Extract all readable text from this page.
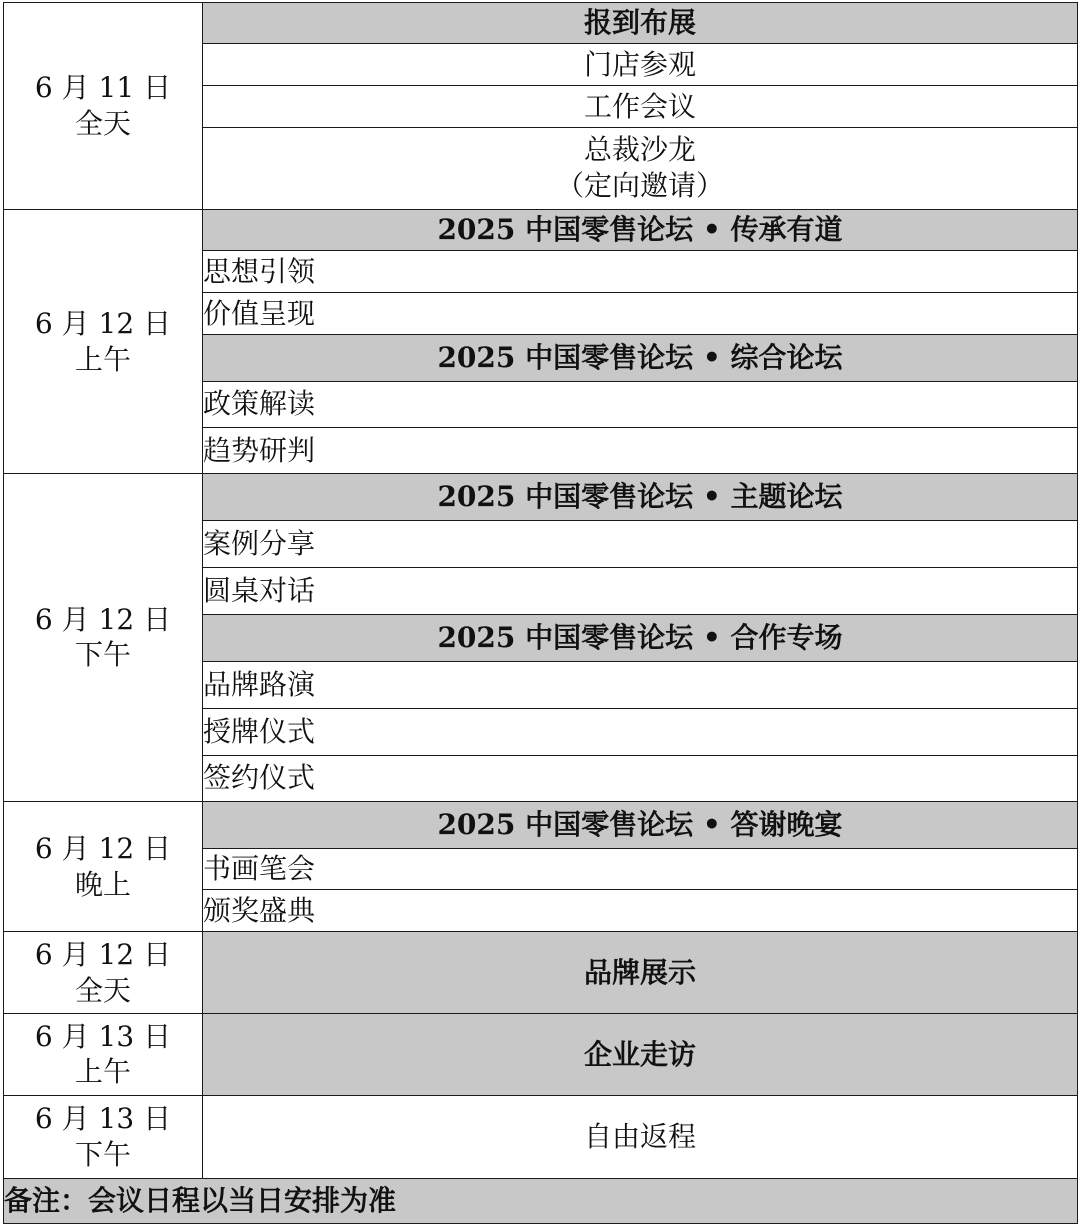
6 月 11 日
全天	报到布展

	门店参观

	工作会议

	总裁沙龙
（定向邀请）

6 月 12 日
上午	2025 中国零售论坛 • 传承有道

	思想引领

	价值呈现

	2025 中国零售论坛 • 综合论坛

	政策解读

	趋势研判

6 月 12 日
下午	2025 中国零售论坛 • 主题论坛

	案例分享

	圆桌对话

	2025 中国零售论坛 • 合作专场

	品牌路演

	授牌仪式

	签约仪式

6 月 12 日
晚上	2025 中国零售论坛 • 答谢晚宴

	书画笔会

	颁奖盛典

6 月 12 日
全天	品牌展示

6 月 13 日
上午	企业走访

6 月 13 日
下午	自由返程

备注：会议日程以当日安排为准	
